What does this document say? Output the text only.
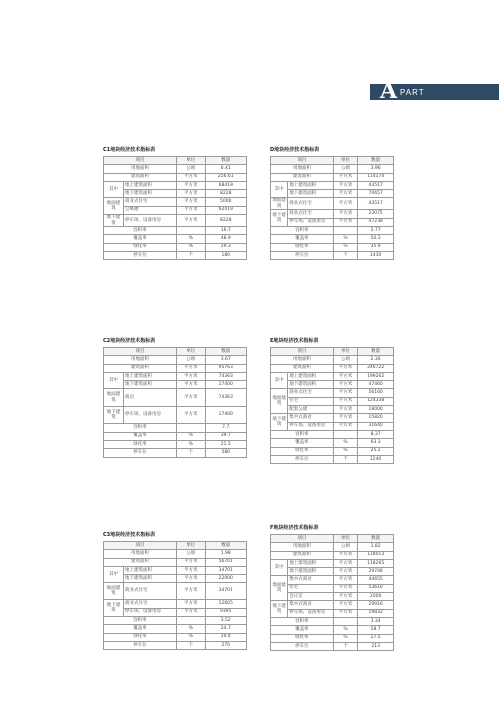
A PART
C1地块经济技术指标表
项目		单位	数量
用地面积		公顷	6.41
建筑面积		平方米	256.61
其中	地上建筑面积	平方米	68419
	地下建筑面积	平方米	8228
地面建筑	商业式住宅	平方米	5000
	公寓楼	平方米	62419
地下建筑	停车场、设备用房	平方米	8228
容积率			16.7
覆盖率		%	48.9
绿化率		%	29.3
停车位		个	180
D地块经济技术指标表
项目		单位	数量
用地面积		公顷	3.96
建筑面积		平方米	114174
其中	地上建筑面积	平方米	43517
	地下建筑面积	平方米	70657
地面建筑	商业式住宅	平方米	43517
地下建筑	商业式住宅	平方米	23075
	停车场、设备用房	平方米	47238
容积率			2.77
覆盖率		%	50.3
绿化率		%	35.9
停车位		个	1430
C2地块经济技术指标表
项目		单位	数量
用地面积		公顷	3.67
建筑面积		平方米	95763
其中	地上建筑面积	平方米	74363
	地下建筑面积	平方米	17400
地面建筑	商店	平方米	74363
地下建筑	停车场、设备用房	平方米	17400
容积率			7.7
覆盖率		%	39.7
绿化率		%	21.5
停车位		个	580
E地块经济技术指标表
项目		单位	数量
用地面积		公顷	2.36
建筑面积		平方米	246722
其中	地上建筑面积	平方米	199262
	地下建筑面积	平方米	47460
地面建筑	商业式住宅	平方米	56160
	住宅	平方米	124338
	配套公建	平方米	18000
地下建筑	集中式商业	平方米	15820
	停车场、设备用房	平方米	31640
容积率			8.37
覆盖率		%	63.3
绿化率		%	25.2
停车位		个	1240
C3地块经济技术指标表
项目		单位	数量
用地面积		公顷	1.98
建筑面积		平方米	56701
其中	地上建筑面积	平方米	34701
	地下建筑面积	平方米	22000
地面建筑	商业式住宅	平方米	34701
地下建筑	商业式住宅	平方米	12605
	停车场、设备用房	平方米	9395
容积率			3.52
覆盖率		%	24.7
绿化率		%	20.4
停车位		个	270
F地块经济技术指标表
项目		单位	数量
用地面积		公顷	1.82
建筑面积		平方米	118013
其中	地上建筑面积	平方米	118265
	地下建筑面积	平方米	29748
地面建筑	集中式商业	平方米	44655
	住宅	平方米	53610
	会议室	平方米	2000
地下建筑	集中式商业	平方米	29916
	停车场、设备用房	平方米	19832
容积率			3.34
覆盖率		%	58.7
绿化率		%	27.5
停车位		个	213
